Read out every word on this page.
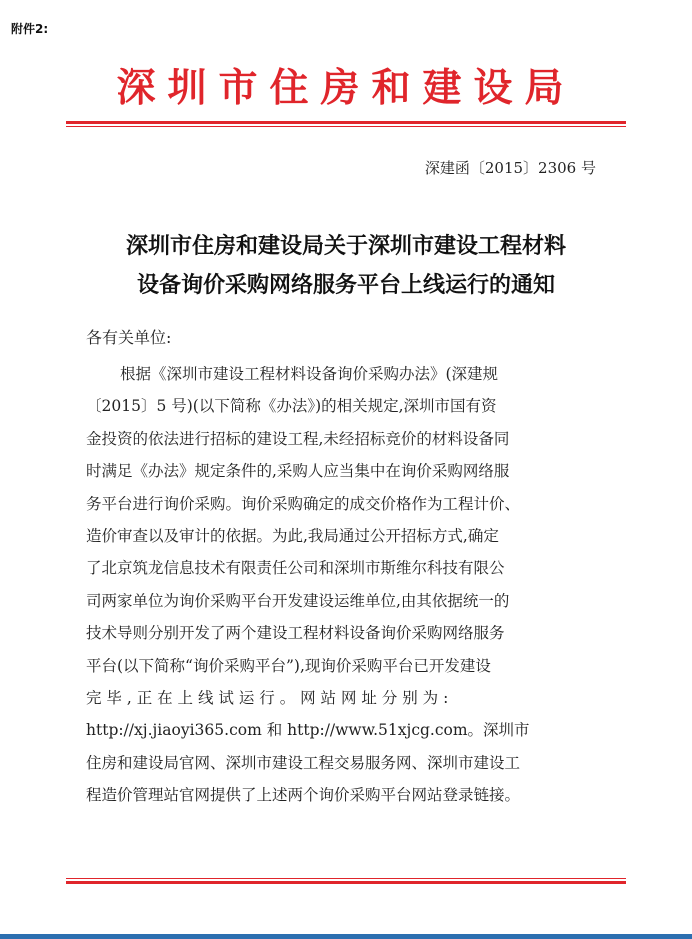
附件2:
深圳市住房和建设局
深建函〔2015〕2306 号
深圳市住房和建设局关于深圳市建设工程材料
设备询价采购网络服务平台上线运行的通知
各有关单位:
根据《深圳市建设工程材料设备询价采购办法》(深建规
〔2015〕5 号)(以下简称《办法》)的相关规定,深圳市国有资
金投资的依法进行招标的建设工程,未经招标竞价的材料设备同
时满足《办法》规定条件的,采购人应当集中在询价采购网络服
务平台进行询价采购。询价采购确定的成交价格作为工程计价、
造价审查以及审计的依据。为此,我局通过公开招标方式,确定
了北京筑龙信息技术有限责任公司和深圳市斯维尔科技有限公
司两家单位为询价采购平台开发建设运维单位,由其依据统一的
技术导则分别开发了两个建设工程材料设备询价采购网络服务
平台(以下简称“询价采购平台”),现询价采购平台已开发建设
完 毕 , 正 在 上 线 试 运 行 。 网 站 网 址 分 别 为 :
http://xj.jiaoyi365.com 和 http://www.51xjcg.com。深圳市
住房和建设局官网、深圳市建设工程交易服务网、深圳市建设工
程造价管理站官网提供了上述两个询价采购平台网站登录链接。
